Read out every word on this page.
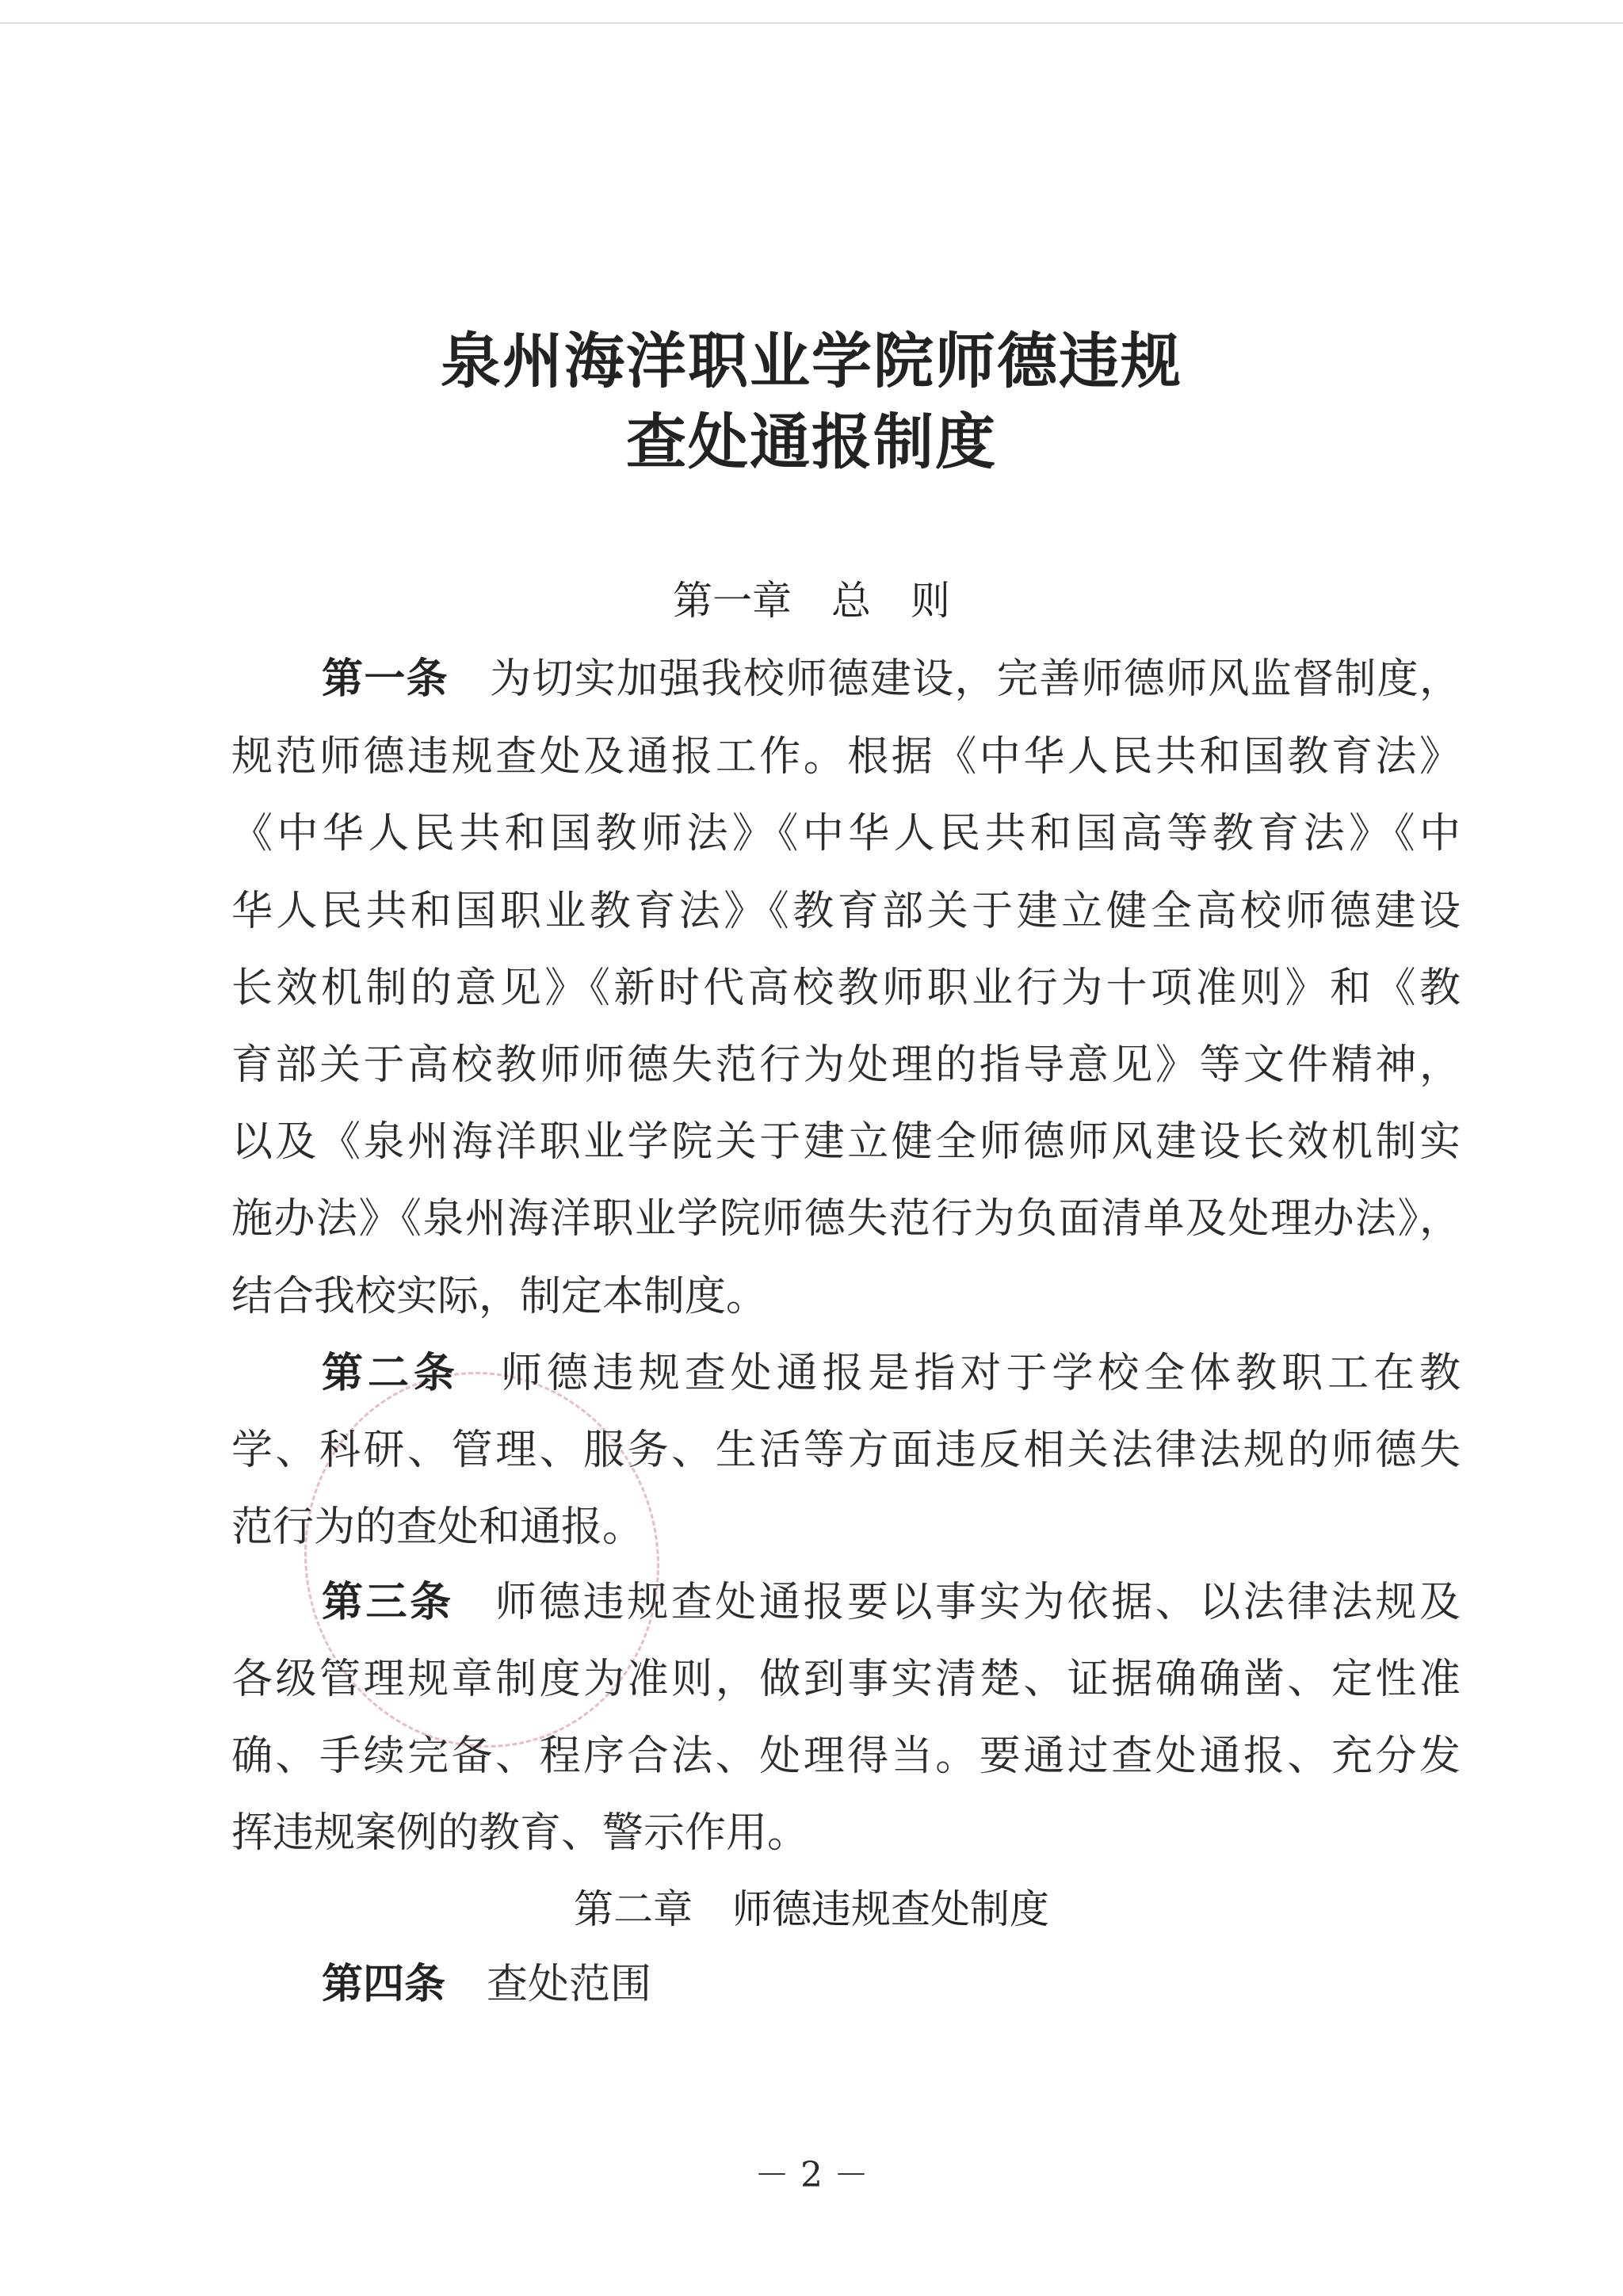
泉州海洋职业学院师德违规
查处通报制度
第一章　总　则
第一条 为切实加强我校师德建设，完善师德师风监督制度，
规范师德违规查处及通报工作。根据《中华人民共和国教育法》
《中华人民共和国教师法》《中华人民共和国高等教育法》《中
华人民共和国职业教育法》《教育部关于建立健全高校师德建设
长效机制的意见》《新时代高校教师职业行为十项准则》和《教
育部关于高校教师师德失范行为处理的指导意见》等文件精神，
以及《泉州海洋职业学院关于建立健全师德师风建设长效机制实
施办法》《泉州海洋职业学院师德失范行为负面清单及处理办法》，
结合我校实际，制定本制度。
第二条 师德违规查处通报是指对于学校全体教职工在教
学、科研、管理、服务、生活等方面违反相关法律法规的师德失
范行为的查处和通报。
第三条 师德违规查处通报要以事实为依据、以法律法规及
各级管理规章制度为准则，做到事实清楚、证据确确凿、定性准
确、手续完备、程序合法、处理得当。要通过查处通报、充分发
挥违规案例的教育、警示作用。
第二章　师德违规查处制度
第四条 查处范围
－ 2 －
